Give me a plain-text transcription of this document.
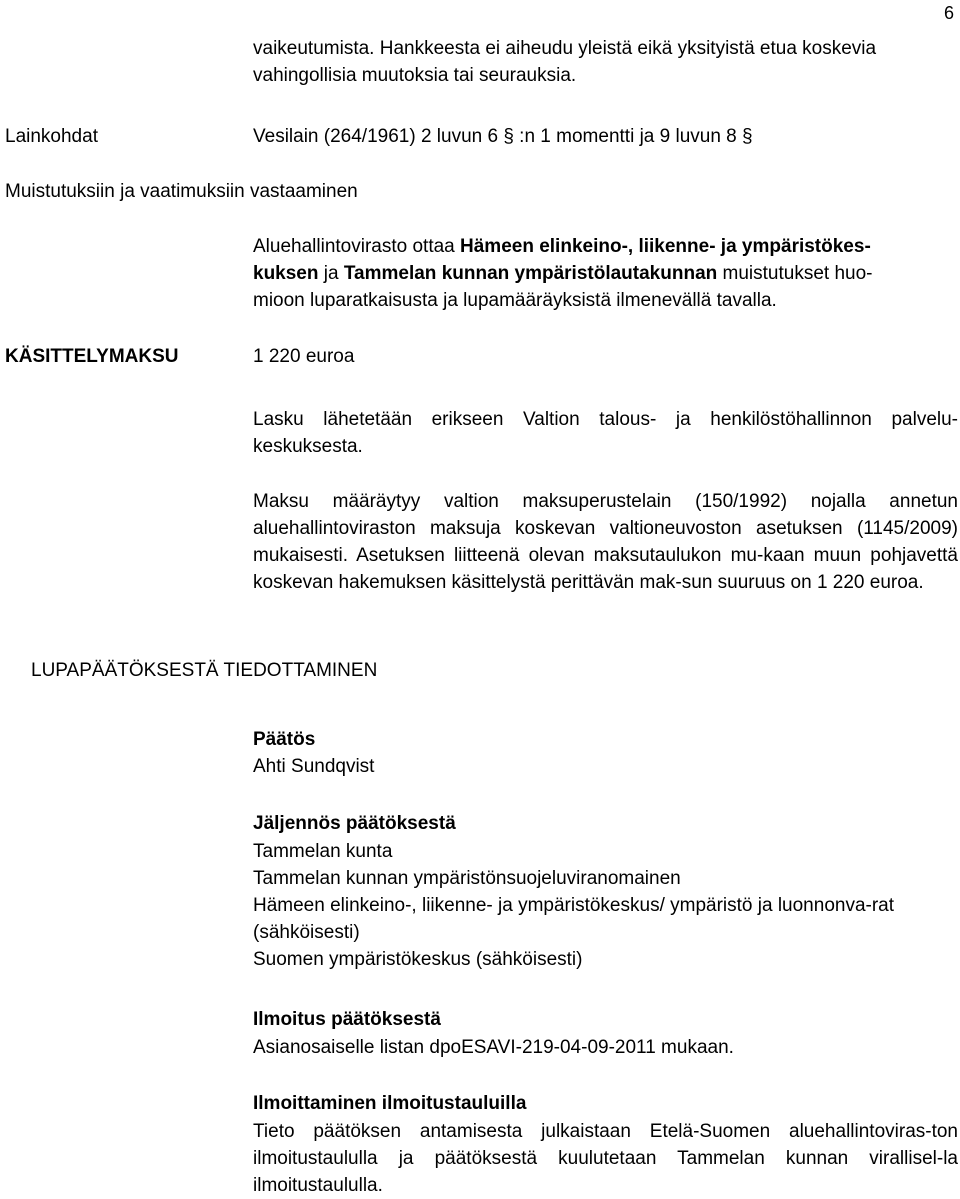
6

vaikeutumista. Hankkeesta ei aiheudu yleistä eikä yksityistä etua koskevia

vahingollisia muutoksia tai seurauksia.

Lainkohdat	Vesilain (264/1961) 2 luvun 6 § :n 1 momentti ja 9 luvun 8 §
Muistutuksiin ja vaatimuksiin vastaaminen

Aluehallintovirasto ottaa Hämeen elinkeino-, liikenne- ja ympäristökes-

kuksen ja Tammelan kunnan ympäristölautakunnan muistutukset huo-

mioon luparatkaisusta ja lupamääräyksistä ilmenevällä tavalla.

KÄSITTELYMAKSU	1 220 euroa
Lasku lähetetään erikseen Valtion talous- ja henkilöstöhallinnon palvelu-keskuksesta.
Maksu määräytyy valtion maksuperustelain (150/1992) nojalla annetun aluehallintoviraston maksuja koskevan valtioneuvoston asetuksen (1145/2009) mukaisesti. Asetuksen liitteenä olevan maksutaulukon mu-kaan muun pohjavettä koskevan hakemuksen käsittelystä perittävän mak-sun suuruus on 1 220 euroa.
LUPAPÄÄTÖKSESTÄ TIEDOTTAMINEN
Päätös
Ahti Sundqvist
Jäljennös päätöksestä

Tammelan kunta

Tammelan kunnan ympäristönsuojeluviranomainen

Hämeen elinkeino-, liikenne- ja ympäristökeskus/ ympäristö ja luonnonva-rat (sähköisesti)

Suomen ympäristökeskus (sähköisesti)

Ilmoitus päätöksestä
Asianosaiselle listan dpoESAVI-219-04-09-2011 mukaan.
Ilmoittaminen ilmoitustauluilla
Tieto päätöksen antamisesta julkaistaan Etelä-Suomen aluehallintoviras-ton ilmoitustaululla ja päätöksestä kuulutetaan Tammelan kunnan virallisel-la ilmoitustaululla.
